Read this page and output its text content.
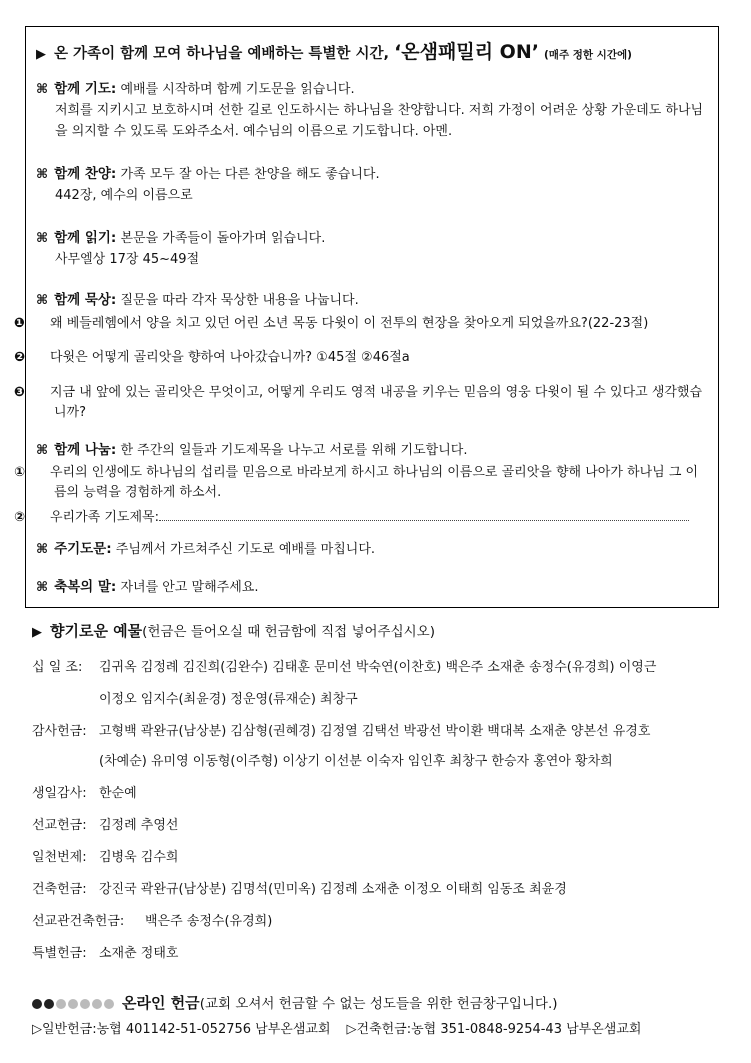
▶ 온 가족이 함께 모여 하나님을 예배하는 특별한 시간, ‘온샘패밀리 ON’ (매주 정한 시간에)
⌘ 함께 기도: 예배를 시작하며 함께 기도문을 읽습니다.
저희를 지키시고 보호하시며 선한 길로 인도하시는 하나님을 찬양합니다. 저희 가정이 어려운 상황 가운데도 하나님을 의지할 수 있도록 도와주소서. 예수님의 이름으로 기도합니다. 아멘.
⌘ 함께 찬양: 가족 모두 잘 아는 다른 찬양을 해도 좋습니다.
442장, 예수의 이름으로
⌘ 함께 읽기: 본문을 가족들이 돌아가며 읽습니다.
사무엘상 17장 45~49절
⌘ 함께 묵상: 질문을 따라 각자 묵상한 내용을 나눕니다.
❶ 왜 베들레헴에서 양을 치고 있던 어린 소년 목동 다윗이 이 전투의 현장을 찾아오게 되었을까요?(22-23절)
❷ 다윗은 어떻게 골리앗을 향하여 나아갔습니까? ①45절 ②46절a
❸ 지금 내 앞에 있는 골리앗은 무엇이고, 어떻게 우리도 영적 내공을 키우는 믿음의 영웅 다윗이 될 수 있다고 생각했습니까?
⌘ 함께 나눔: 한 주간의 일들과 기도제목을 나누고 서로를 위해 기도합니다.
① 우리의 인생에도 하나님의 섭리를 믿음으로 바라보게 하시고 하나님의 이름으로 골리앗을 향해 나아가 하나님 그 이름의 능력을 경험하게 하소서.
② 우리가족 기도제목:
⌘ 주기도문: 주님께서 가르쳐주신 기도로 예배를 마칩니다.
⌘ 축복의 말: 자녀를 안고 말해주세요.
▶ 향기로운 예물(헌금은 들어오실 때 헌금함에 직접 넣어주십시오)
십 일 조: 김귀옥 김정례 김진희(김완수) 김태훈 문미선 박숙연(이찬호) 백은주 소재춘 송정수(유경희) 이영근
이정오 임지수(최윤경) 정운영(류재순) 최창구
감사헌금: 고형백 곽완규(남상분) 김삼형(권혜경) 김정열 김택선 박광선 박이환 백대복 소재춘 양본선 유경호
(차예순) 유미영 이동형(이주형) 이상기 이선분 이숙자 임인후 최창구 한승자 홍연아 황차희
생일감사: 한순예
선교헌금: 김정례 추영선
일천번제: 김병욱 김수희
건축헌금: 강진국 곽완규(남상분) 김명석(민미옥) 김정례 소재춘 이정오 이태희 임동조 최윤경
선교관건축헌금: 백은주 송정수(유경희)
특별헌금: 소재춘 정태호
온라인 헌금(교회 오셔서 헌금할 수 없는 성도들을 위한 헌금창구입니다.)
▷일반헌금:농협 401142-51-052756 남부온샘교회 ▷건축헌금:농협 351-0848-9254-43 남부온샘교회
